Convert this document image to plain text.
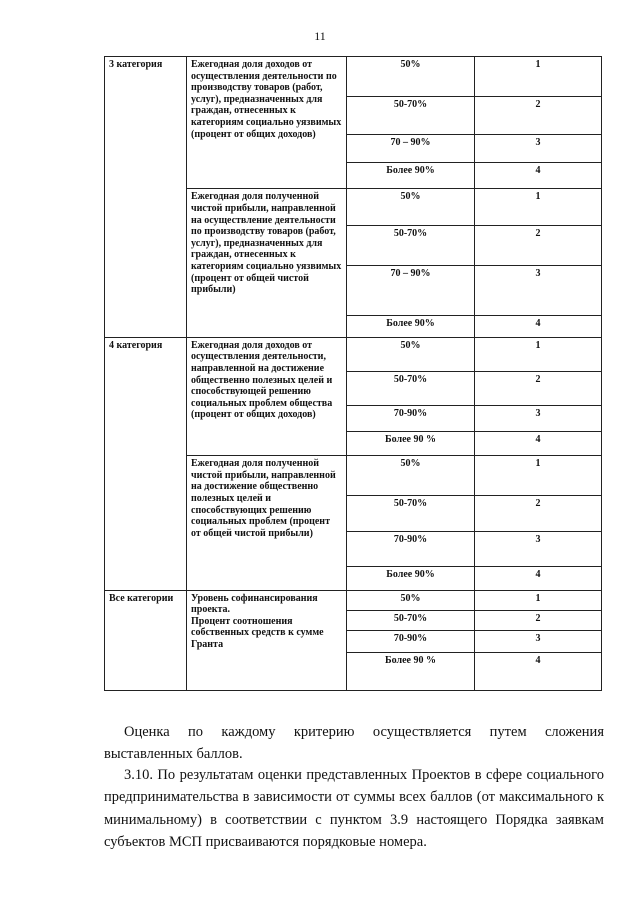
11
3 категория	Ежегодная доля доходов от осуществления деятельности по производству товаров (работ, услуг), предназначенных для граждан, отнесенных к категориям социально уязвимых (процент от общих доходов)	50%	1
		50-70%	2
		70 – 90%	3
		Более 90%	4
	Ежегодная доля полученной чистой прибыли, направленной на осуществление деятельности по производству товаров (работ, услуг), предназначенных для граждан, отнесенных к категориям социально уязвимых (процент от общей чистой прибыли)	50%	1
		50-70%	2
		70 – 90%	3
		Более 90%	4
4 категория	Ежегодная доля доходов от осуществления деятельности, направленной на достижение общественно полезных целей и способствующей решению социальных проблем общества (процент от общих доходов)	50%	1
		50-70%	2
		70-90%	3
		Более 90 %	4
	Ежегодная доля полученной чистой прибыли, направленной на достижение общественно полезных целей и способствующих решению социальных проблем (процент от общей чистой прибыли)	50%	1
		50-70%	2
		70-90%	3
		Более 90%	4
Все категории	Уровень софинансирования проекта.
Процент соотношения собственных средств к сумме Гранта	50%	1
		50-70%	2
		70-90%	3
		Более 90 %	4

Оценка по каждому критерию осуществляется путем сложения выставленных баллов.

3.10. По результатам оценки представленных Проектов в сфере социального предпринимательства в зависимости от суммы всех баллов (от максимального к минимальному) в соответствии с пунктом 3.9 настоящего Порядка заявкам субъектов МСП присваиваются порядковые номера.
